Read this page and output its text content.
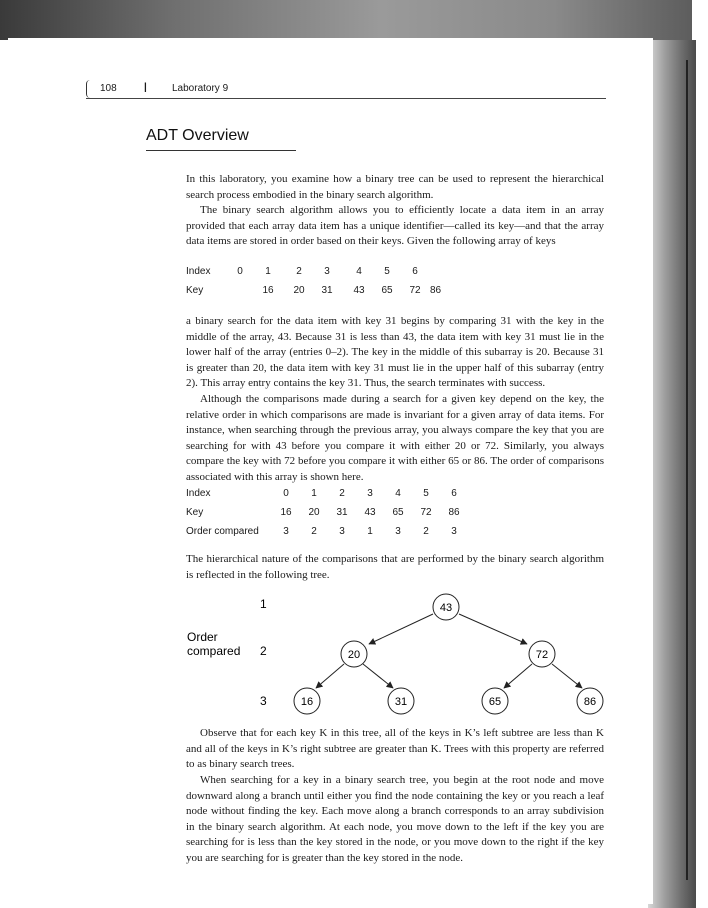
108	|	Laboratory 9
ADT Overview

In this laboratory, you examine how a binary tree can be used to represent the hierarchical search process embodied in the binary search algorithm.

The binary search algorithm allows you to efficiently locate a data item in an array provided that each array data item has a unique identifier—called its key—and that the array data items are stored in order based on their keys. Given the following array of keys

Index	0	1	2	3	4	5	6	
Key		16	20	31	43	65	72	86

a binary search for the data item with key 31 begins by comparing 31 with the key in the middle of the array, 43. Because 31 is less than 43, the data item with key 31 must lie in the lower half of the array (entries 0–2). The key in the middle of this subarray is 20. Because 31 is greater than 20, the data item with key 31 must lie in the upper half of this subarray (entry 2). This array entry contains the key 31. Thus, the search terminates with success.

Although the comparisons made during a search for a given key depend on the key, the relative order in which comparisons are made is invariant for a given array of data items. For instance, when searching through the previous array, you always compare the key that you are searching for with 43 before you compare it with either 20 or 72. Similarly, you always compare the key with 72 before you compare it with either 65 or 86. The order of comparisons associated with this array is shown here.

Index	0	1	2	3	4	5	6
Key	16	20	31	43	65	72	86
Order compared	3	2	3	1	3	2	3

The hierarchical nature of the comparisons that are performed by the binary search algorithm is reflected in the following tree.

Order
compared
1
2
3
43
20	72
16	31	65	86

Observe that for each key K in this tree, all of the keys in K’s left subtree are less than K and all of the keys in K’s right subtree are greater than K. Trees with this property are referred to as binary search trees.

When searching for a key in a binary search tree, you begin at the root node and move downward along a branch until either you find the node containing the key or you reach a leaf node without finding the key. Each move along a branch corresponds to an array subdivision in the binary search algorithm. At each node, you move down to the left if the key you are searching for is less than the key stored in the node, or you move down to the right if the key you are searching for is greater than the key stored in the node.
